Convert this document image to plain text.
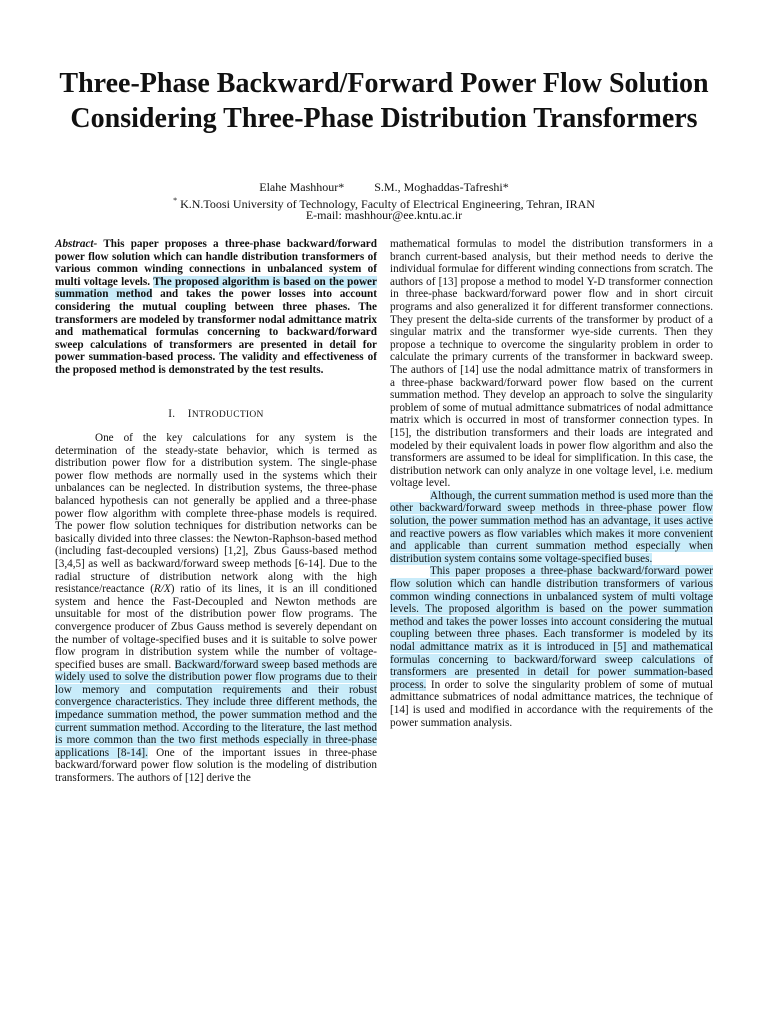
Three-Phase Backward/Forward Power Flow Solution Considering Three-Phase Distribution Transformers
Elahe Mashhour*          S.M., Moghaddas-Tafreshi*
* K.N.Toosi University of Technology, Faculty of Electrical Engineering, Tehran, IRAN
E-mail: mashhour@ee.kntu.ac.ir

Abstract- This paper proposes a three-phase backward/forward power flow solution which can handle distribution transformers of various common winding connections in unbalanced system of multi voltage levels. The proposed algorithm is based on the power summation method and takes the power losses into account considering the mutual coupling between three phases. The transformers are modeled by transformer nodal admittance matrix and mathematical formulas concerning to backward/forward sweep calculations of transformers are presented in detail for power summation-based process. The validity and effectiveness of the proposed method is demonstrated by the test results.

I. INTRODUCTION

One of the key calculations for any system is the determination of the steady-state behavior, which is termed as distribution power flow for a distribution system. The single-phase power flow methods are normally used in the systems which their unbalances can be neglected. In distribution systems, the three-phase balanced hypothesis can not generally be applied and a three-phase power flow algorithm with complete three-phase models is required. The power flow solution techniques for distribution networks can be basically divided into three classes: the Newton-Raphson-based method (including fast-decoupled versions) [1,2], Zbus Gauss-based method [3,4,5] as well as backward/forward sweep methods [6-14]. Due to the radial structure of distribution network along with the high resistance/reactance (R/X) ratio of its lines, it is an ill conditioned system and hence the Fast-Decoupled and Newton methods are unsuitable for most of the distribution power flow programs. The convergence producer of Zbus Gauss method is severely dependant on the number of voltage-specified buses and it is suitable to solve power flow program in distribution system while the number of voltage-specified buses are small. Backward/forward sweep based methods are widely used to solve the distribution power flow programs due to their low memory and computation requirements and their robust convergence characteristics. They include three different methods, the impedance summation method, the power summation method and the current summation method. According to the literature, the last method is more common than the two first methods especially in three-phase applications [8-14]. One of the important issues in three-phase backward/forward power flow solution is the modeling of distribution transformers. The authors of [12] derive the

mathematical formulas to model the distribution transformers in a branch current-based analysis, but their method needs to derive the individual formulae for different winding connections from scratch. The authors of [13] propose a method to model Y-D transformer connection in three-phase backward/forward power flow and in short circuit programs and also generalized it for different transformer connections. They present the delta-side currents of the transformer by product of a singular matrix and the transformer wye-side currents. Then they propose a technique to overcome the singularity problem in order to calculate the primary currents of the transformer in backward sweep. The authors of [14] use the nodal admittance matrix of transformers in a three-phase backward/forward power flow based on the current summation method. They develop an approach to solve the singularity problem of some of mutual admittance submatrices of nodal admittance matrix which is occurred in most of transformer connection types. In [15], the distribution transformers and their loads are integrated and modeled by their equivalent loads in power flow algorithm and also the transformers are assumed to be ideal for simplification. In this case, the distribution network can only analyze in one voltage level, i.e. medium voltage level.

Although, the current summation method is used more than the other backward/forward sweep methods in three-phase power flow solution, the power summation method has an advantage, it uses active and reactive powers as flow variables which makes it more convenient and applicable than current summation method especially when distribution system contains some voltage-specified buses.

This paper proposes a three-phase backward/forward power flow solution which can handle distribution transformers of various common winding connections in unbalanced system of multi voltage levels. The proposed algorithm is based on the power summation method and takes the power losses into account considering the mutual coupling between three phases. Each transformer is modeled by its nodal admittance matrix as it is introduced in [5] and mathematical formulas concerning to backward/forward sweep calculations of transformers are presented in detail for power summation-based process. In order to solve the singularity problem of some of mutual admittance submatrices of nodal admittance matrices, the technique of [14] is used and modified in accordance with the requirements of the power summation analysis.
